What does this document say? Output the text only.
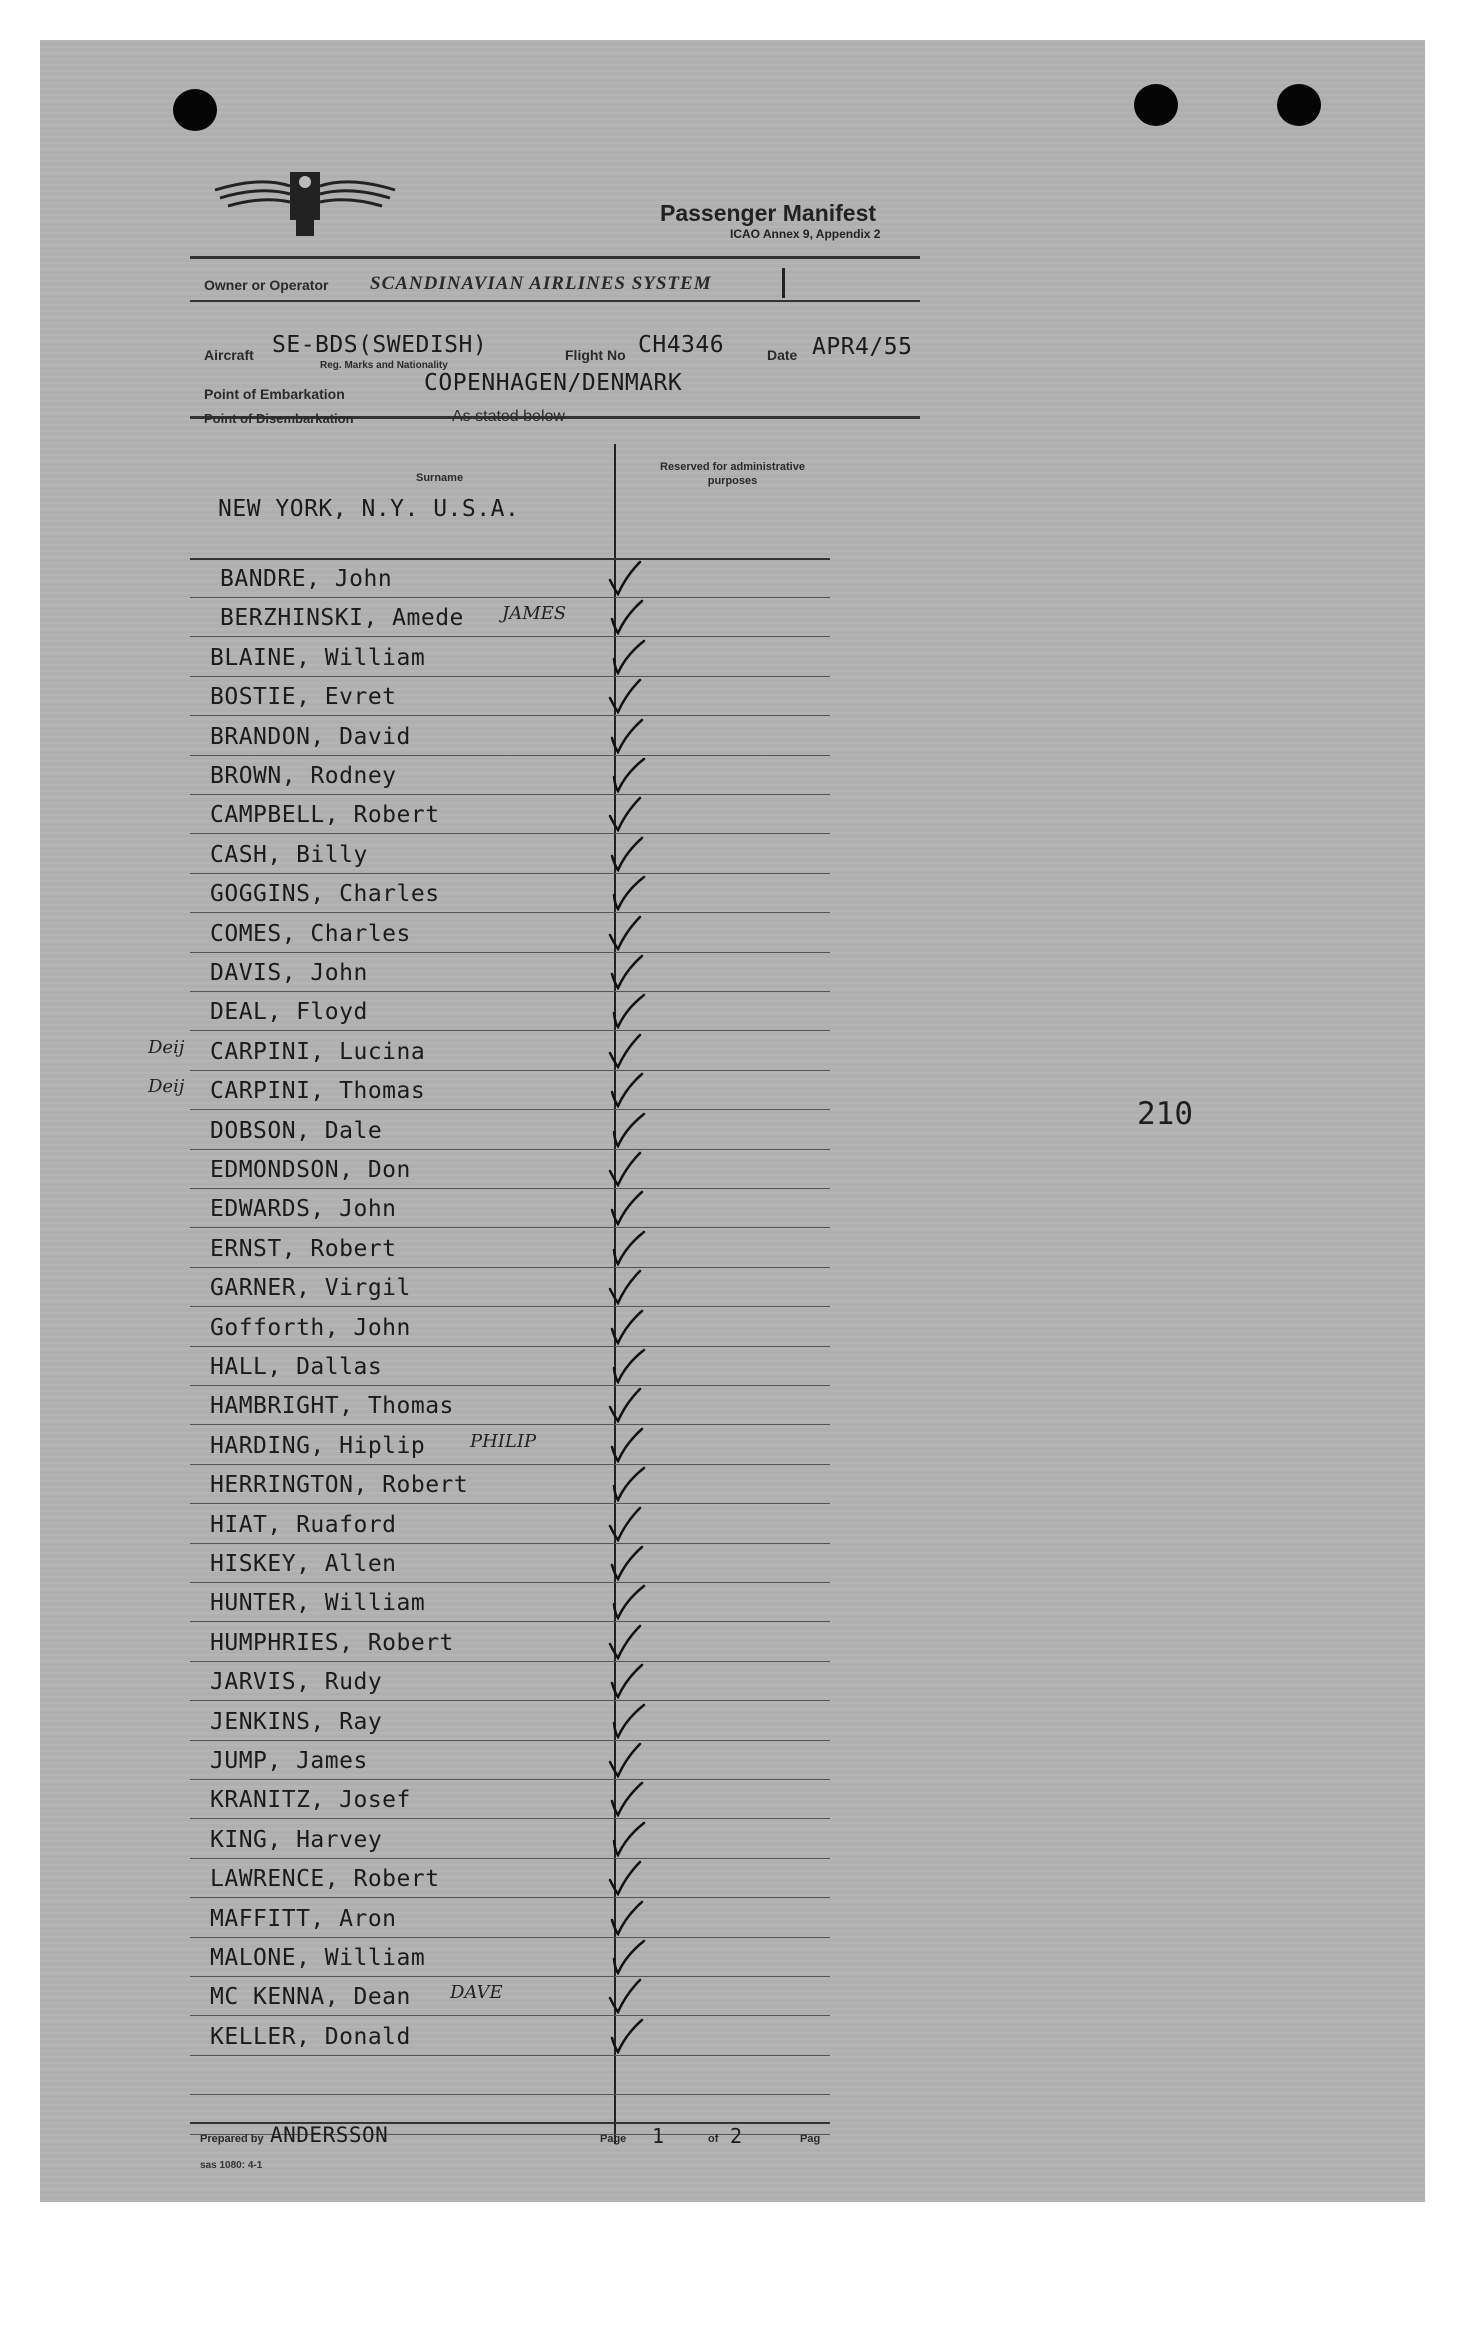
Passenger Manifest
ICAO Annex 9, Appendix 2
Owner or Operator SCANDINAVIAN AIRLINES SYSTEM
Aircraft SE-BDS(SWEDISH)
Reg. Marks and Nationality
Flight No CH4346	Date APR4/55
Point of Embarkation	COPENHAGEN/DENMARK
Point of Disembarkation	As stated below
Surname
Reserved for administrative purposes
NEW YORK, N.Y. U.S.A.
BANDRE, John
BERZHINSKI, Amede JAMES
BLAINE, William
BOSTIE, Evret
BRANDON, David
BROWN, Rodney
CAMPBELL, Robert
CASH, Billy
GOGGINS, Charles
COMES, Charles
DAVIS, John
DEAL, Floyd
CARPINI, Lucina
Deij
CARPINI, Thomas
Deij
DOBSON, Dale
EDMONDSON, Don
EDWARDS, John
ERNST, Robert
GARNER, Virgil
Gofforth, John
HALL, Dallas
HAMBRIGHT, Thomas
HARDING, Hiplip PHILIP
HERRINGTON, Robert
HIAT, Ruaford
HISKEY, Allen
HUNTER, William
HUMPHRIES, Robert
JARVIS, Rudy
JENKINS, Ray
JUMP, James
KRANITZ, Josef
KING, Harvey
LAWRENCE, Robert
MAFFITT, Aron
MALONE, William
MC KENNA, Dean DAVE
KELLER, Donald
Prepared by ANDERSSON	Page 1	of 2	Pag
sas 1080: 4-1
210
